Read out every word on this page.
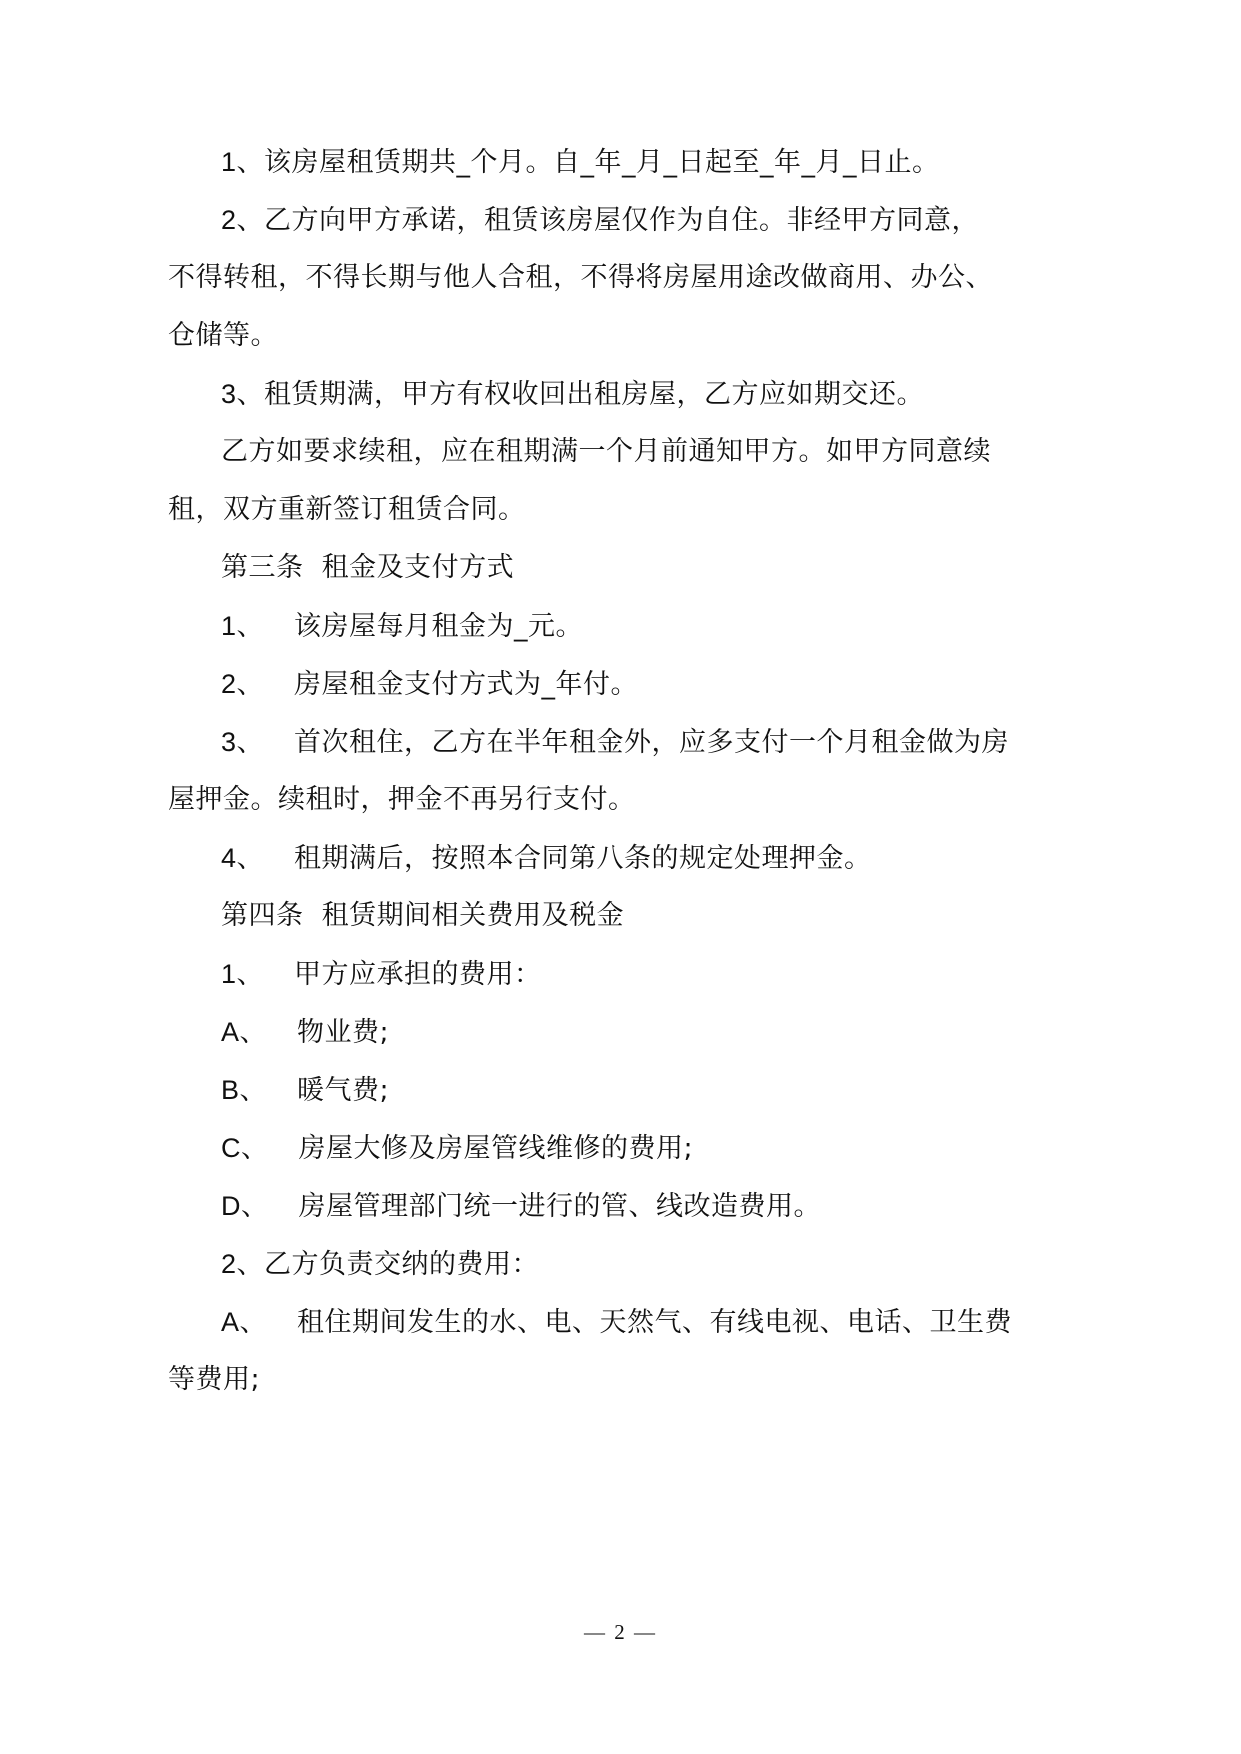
1、该房屋租赁期共_个月。自_年_月_日起至_年_月_日止。
2、乙方向甲方承诺，租赁该房屋仅作为自住。非经甲方同意，
不得转租，不得长期与他人合租，不得将房屋用途改做商用、办公、
仓储等。
3、租赁期满，甲方有权收回出租房屋，乙方应如期交还。
乙方如要求续租，应在租期满一个月前通知甲方。如甲方同意续
租，双方重新签订租赁合同。
第三条  租金及支付方式
1、 该房屋每月租金为_元。
2、 房屋租金支付方式为_年付。
3、 首次租住，乙方在半年租金外，应多支付一个月租金做为房
屋押金。续租时，押金不再另行支付。
4、 租期满后，按照本合同第八条的规定处理押金。
第四条  租赁期间相关费用及税金
1、 甲方应承担的费用：
A、 物业费;
B、 暖气费;
C、 房屋大修及房屋管线维修的费用;
D、 房屋管理部门统一进行的管、线改造费用。
2、乙方负责交纳的费用：
A、 租住期间发生的水、电、天然气、有线电视、电话、卫生费
等费用;
— 2 —
